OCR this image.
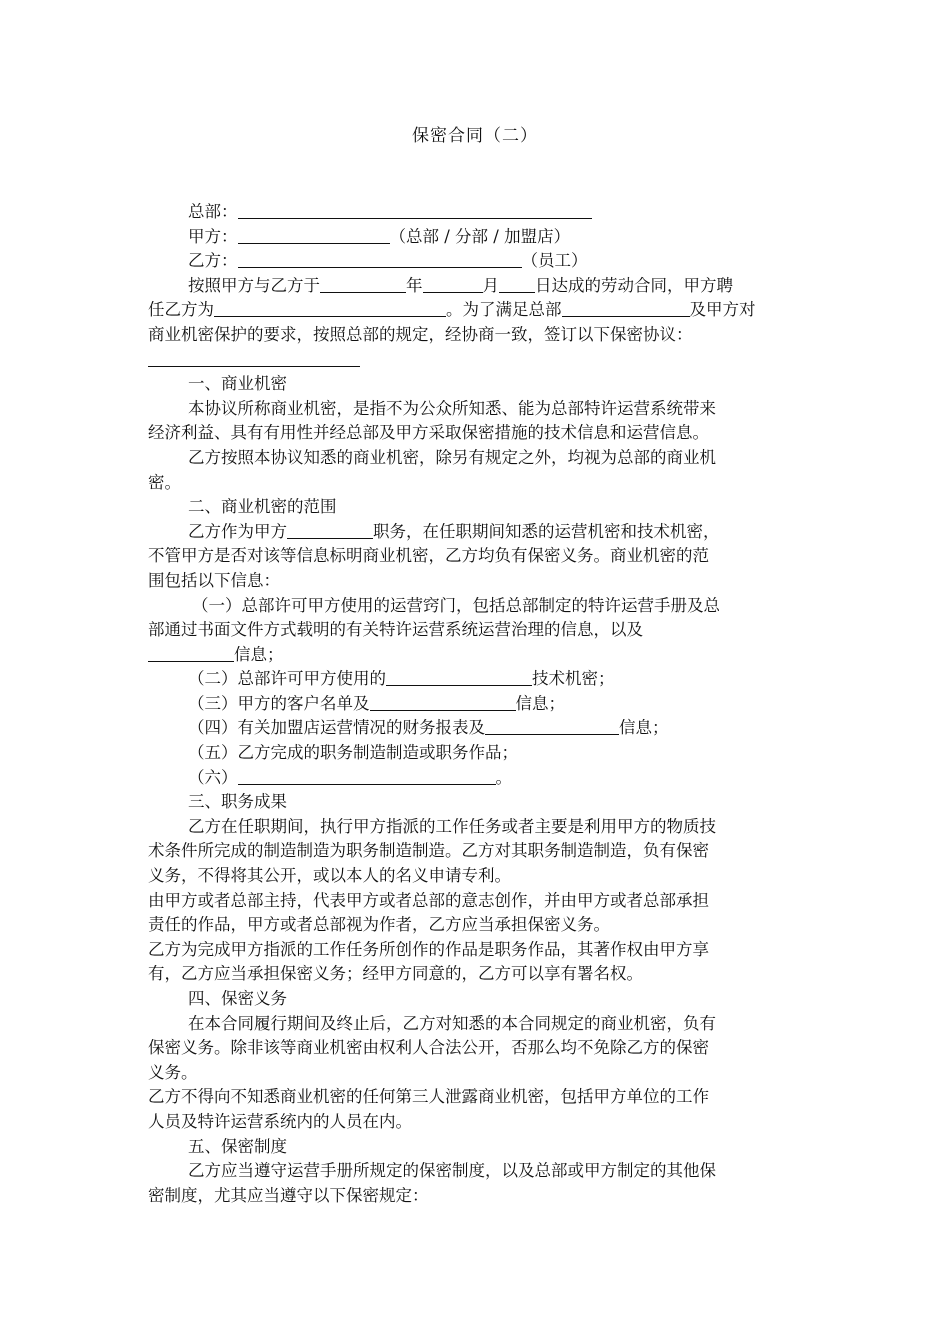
保密合同（二）
总部：
甲方：	（总部 / 分部 / 加盟店）
乙方：	（员工）
按照甲方与乙方于	年	月 日达成的劳动合同，甲方聘
任乙方为	。为了满足总部	及甲方对
商业机密保护的要求，按照总部的规定，经协商一致，签订以下保密协议：
一、商业机密
本协议所称商业机密，是指不为公众所知悉、能为总部特许运营系统带来
经济利益、具有有用性并经总部及甲方采取保密措施的技术信息和运营信息。
乙方按照本协议知悉的商业机密，除另有规定之外，均视为总部的商业机
密。
二、商业机密的范围
乙方作为甲方	职务，在任职期间知悉的运营机密和技术机密，
不管甲方是否对该等信息标明商业机密，乙方均负有保密义务。商业机密的范
围包括以下信息：
（一）总部许可甲方使用的运营窍门，包括总部制定的特许运营手册及总
部通过书面文件方式载明的有关特许运营系统运营治理的信息，以及
信息；
（二）总部许可甲方使用的	技术机密；
（三）甲方的客户名单及	信息；
（四）有关加盟店运营情况的财务报表及	信息；
（五）乙方完成的职务制造制造或职务作品；
（六）	。
三、职务成果
乙方在任职期间，执行甲方指派的工作任务或者主要是利用甲方的物质技
术条件所完成的制造制造为职务制造制造。乙方对其职务制造制造，负有保密
义务，不得将其公开，或以本人的名义申请专利。
由甲方或者总部主持，代表甲方或者总部的意志创作，并由甲方或者总部承担
责任的作品，甲方或者总部视为作者，乙方应当承担保密义务。
乙方为完成甲方指派的工作任务所创作的作品是职务作品，其著作权由甲方享
有，乙方应当承担保密义务；经甲方同意的，乙方可以享有署名权。
四、保密义务
在本合同履行期间及终止后，乙方对知悉的本合同规定的商业机密，负有
保密义务。除非该等商业机密由权利人合法公开，否那么均不免除乙方的保密
义务。
乙方不得向不知悉商业机密的任何第三人泄露商业机密，包括甲方单位的工作
人员及特许运营系统内的人员在内。
五、保密制度
乙方应当遵守运营手册所规定的保密制度，以及总部或甲方制定的其他保
密制度，尤其应当遵守以下保密规定：
